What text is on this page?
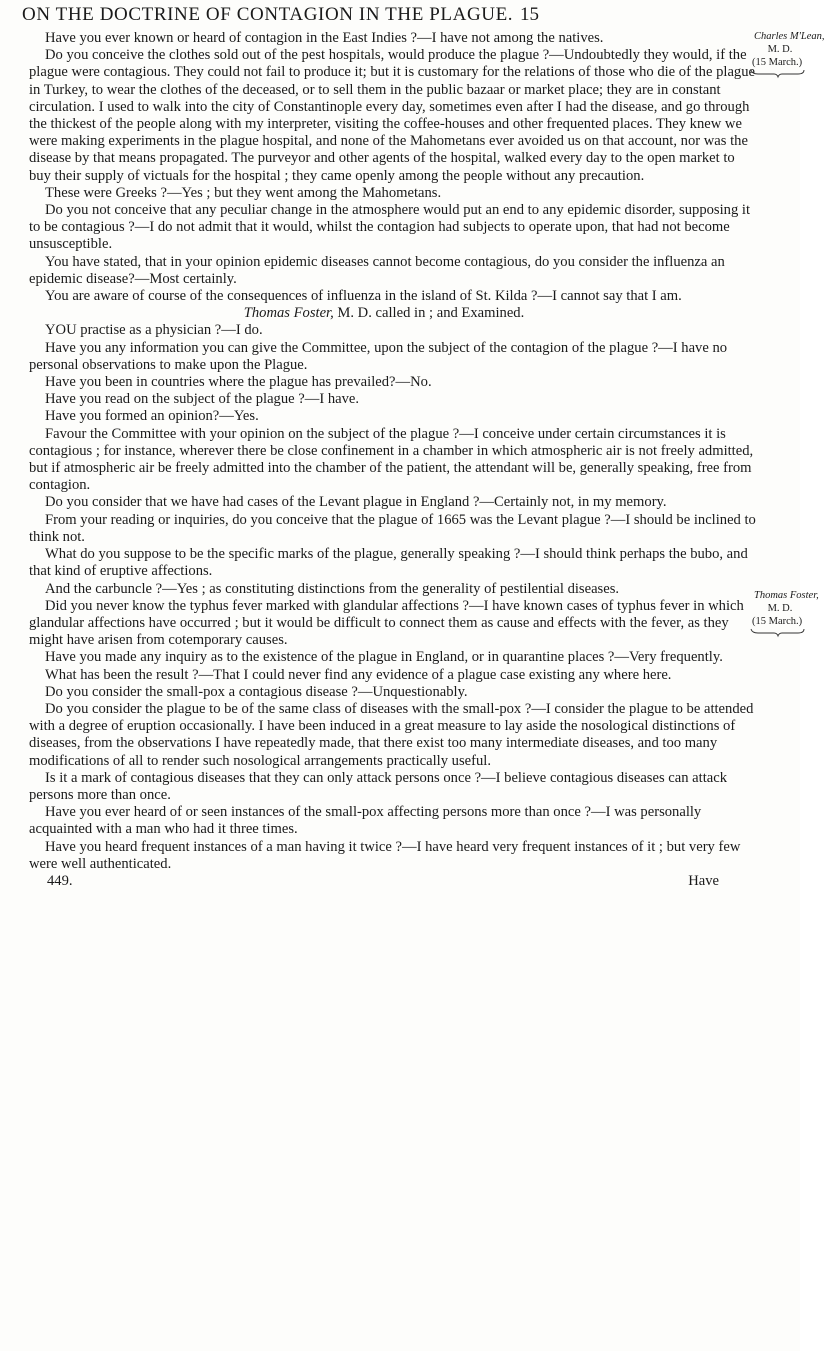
ON THE DOCTRINE OF CONTAGION IN THE PLAGUE. 15
Charles M'Lean,
M. D.
(15 March.)
Thomas Foster,
M. D.
(15 March.)

Have you ever known or heard of contagion in the East Indies ?—I have not among the natives.

Do you conceive the clothes sold out of the pest hospitals, would produce the plague ?—Undoubtedly they would, if the plague were contagious. They could not fail to produce it; but it is customary for the relations of those who die of the plague in Turkey, to wear the clothes of the deceased, or to sell them in the public bazaar or market place; they are in constant circulation. I used to walk into the city of Constantinople every day, sometimes even after I had the disease, and go through the thickest of the people along with my interpreter, visiting the coffee-houses and other frequented places. They knew we were making experiments in the plague hospital, and none of the Mahometans ever avoided us on that account, nor was the disease by that means propagated. The purveyor and other agents of the hospital, walked every day to the open market to buy their supply of victuals for the hospital ; they came openly among the people without any precaution.

These were Greeks ?—Yes ; but they went among the Mahometans.

Do you not conceive that any peculiar change in the atmosphere would put an end to any epidemic disorder, supposing it to be contagious ?—I do not admit that it would, whilst the contagion had subjects to operate upon, that had not become unsusceptible.

You have stated, that in your opinion epidemic diseases cannot become contagious, do you consider the influenza an epidemic disease?—Most certainly.

You are aware of course of the consequences of influenza in the island of St. Kilda ?—I cannot say that I am.

Thomas Foster, M. D. called in ; and Examined.

YOU practise as a physician ?—I do.

Have you any information you can give the Committee, upon the subject of the contagion of the plague ?—I have no personal observations to make upon the Plague.

Have you been in countries where the plague has prevailed?—No.

Have you read on the subject of the plague ?—I have.

Have you formed an opinion?—Yes.

Favour the Committee with your opinion on the subject of the plague ?—I conceive under certain circumstances it is contagious ; for instance, wherever there be close confinement in a chamber in which atmospheric air is not freely admitted, but if atmospheric air be freely admitted into the chamber of the patient, the attendant will be, generally speaking, free from contagion.

Do you consider that we have had cases of the Levant plague in England ?—Certainly not, in my memory.

From your reading or inquiries, do you conceive that the plague of 1665 was the Levant plague ?—I should be inclined to think not.

What do you suppose to be the specific marks of the plague, generally speaking ?—I should think perhaps the bubo, and that kind of eruptive affections.

And the carbuncle ?—Yes ; as constituting distinctions from the generality of pestilential diseases.

Did you never know the typhus fever marked with glandular affections ?—I have known cases of typhus fever in which glandular affections have occurred ; but it would be difficult to connect them as cause and effects with the fever, as they might have arisen from cotemporary causes.

Have you made any inquiry as to the existence of the plague in England, or in quarantine places ?—Very frequently.

What has been the result ?—That I could never find any evidence of a plague case existing any where here.

Do you consider the small-pox a contagious disease ?—Unquestionably.

Do you consider the plague to be of the same class of diseases with the small-pox ?—I consider the plague to be attended with a degree of eruption occasionally. I have been induced in a great measure to lay aside the nosological distinctions of diseases, from the observations I have repeatedly made, that there exist too many intermediate diseases, and too many modifications of all to render such nosological arrangements practically useful.

Is it a mark of contagious diseases that they can only attack persons once ?—I believe contagious diseases can attack persons more than once.

Have you ever heard of or seen instances of the small-pox affecting persons more than once ?—I was personally acquainted with a man who had it three times.

Have you heard frequent instances of a man having it twice ?—I have heard very frequent instances of it ; but very few were well authenticated.

449.	Have
